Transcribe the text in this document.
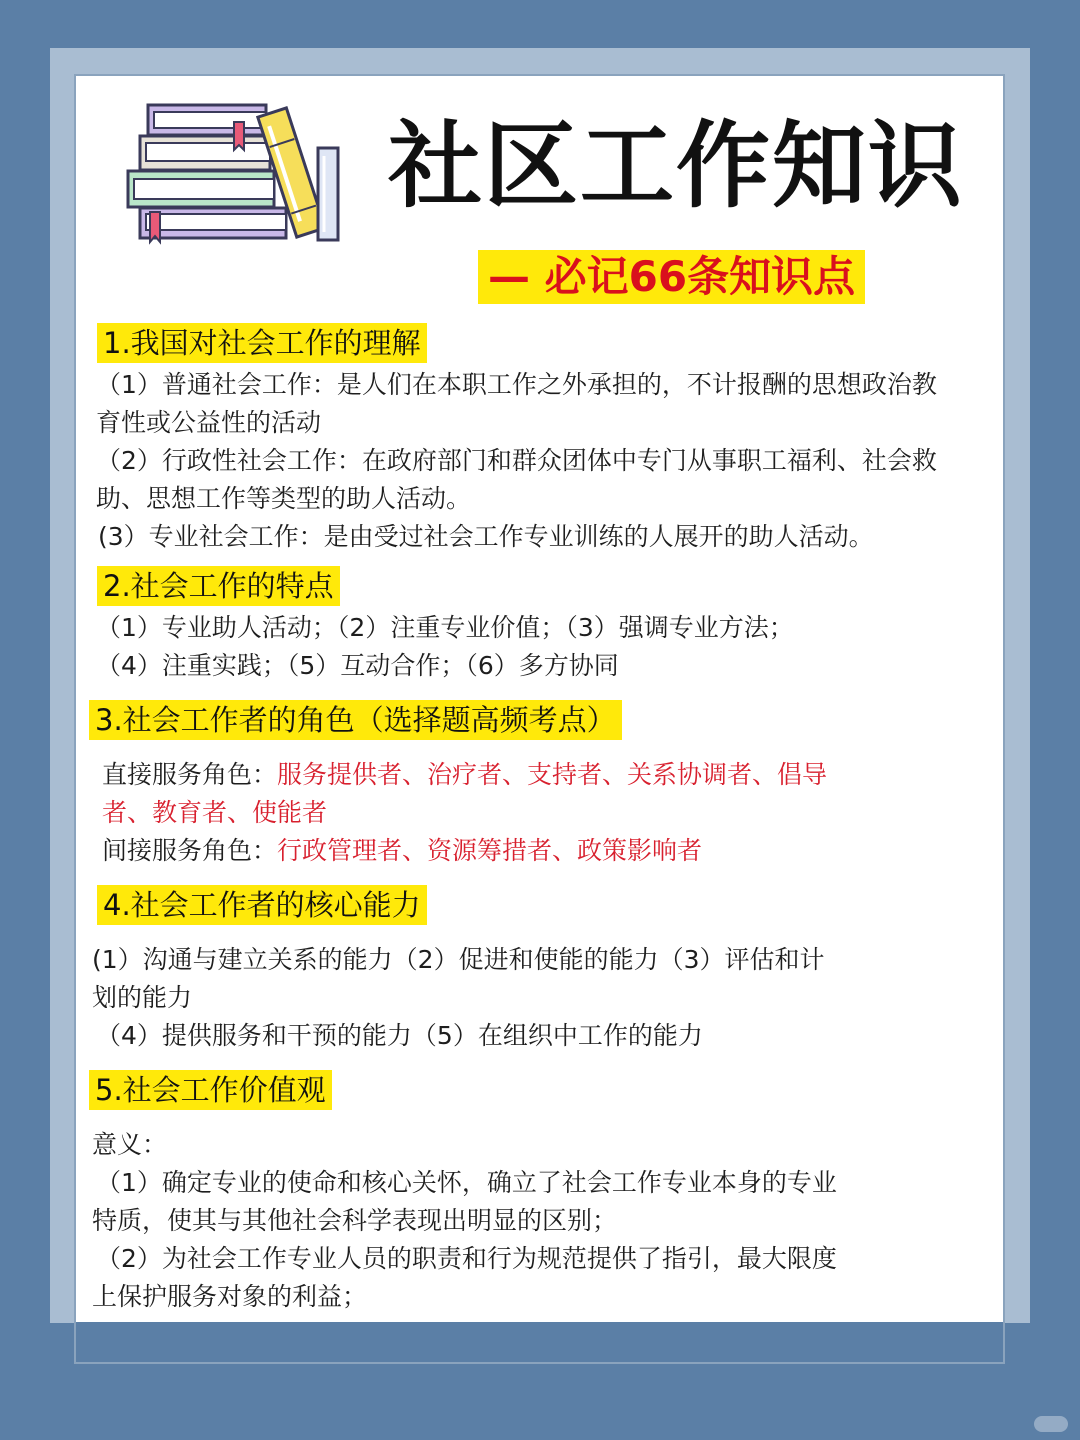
社区工作知识
— 必记66条知识点
1.我国对社会工作的理解
（1）普通社会工作：是人们在本职工作之外承担的，不计报酬的思想政治教
育性或公益性的活动
（2）行政性社会工作：在政府部门和群众团体中专门从事职工福利、社会救
助、思想工作等类型的助人活动。
(3）专业社会工作：是由受过社会工作专业训练的人展开的助人活动。
2.社会工作的特点
（1）专业助人活动；（2）注重专业价值；（3）强调专业方法；
（4）注重实践；（5）互动合作；（6）多方协同
3.社会工作者的角色（选择题高频考点）
直接服务角色：服务提供者、治疗者、支持者、关系协调者、倡导
者、教育者、使能者
间接服务角色：行政管理者、资源筹措者、政策影响者
4.社会工作者的核心能力
(1）沟通与建立关系的能力（2）促进和使能的能力（3）评估和计
划的能力
（4）提供服务和干预的能力（5）在组织中工作的能力
5.社会工作价值观
意义：
（1）确定专业的使命和核心关怀，确立了社会工作专业本身的专业
特质，使其与其他社会科学表现出明显的区别；
（2）为社会工作专业人员的职责和行为规范提供了指引，最大限度
上保护服务对象的利益；
